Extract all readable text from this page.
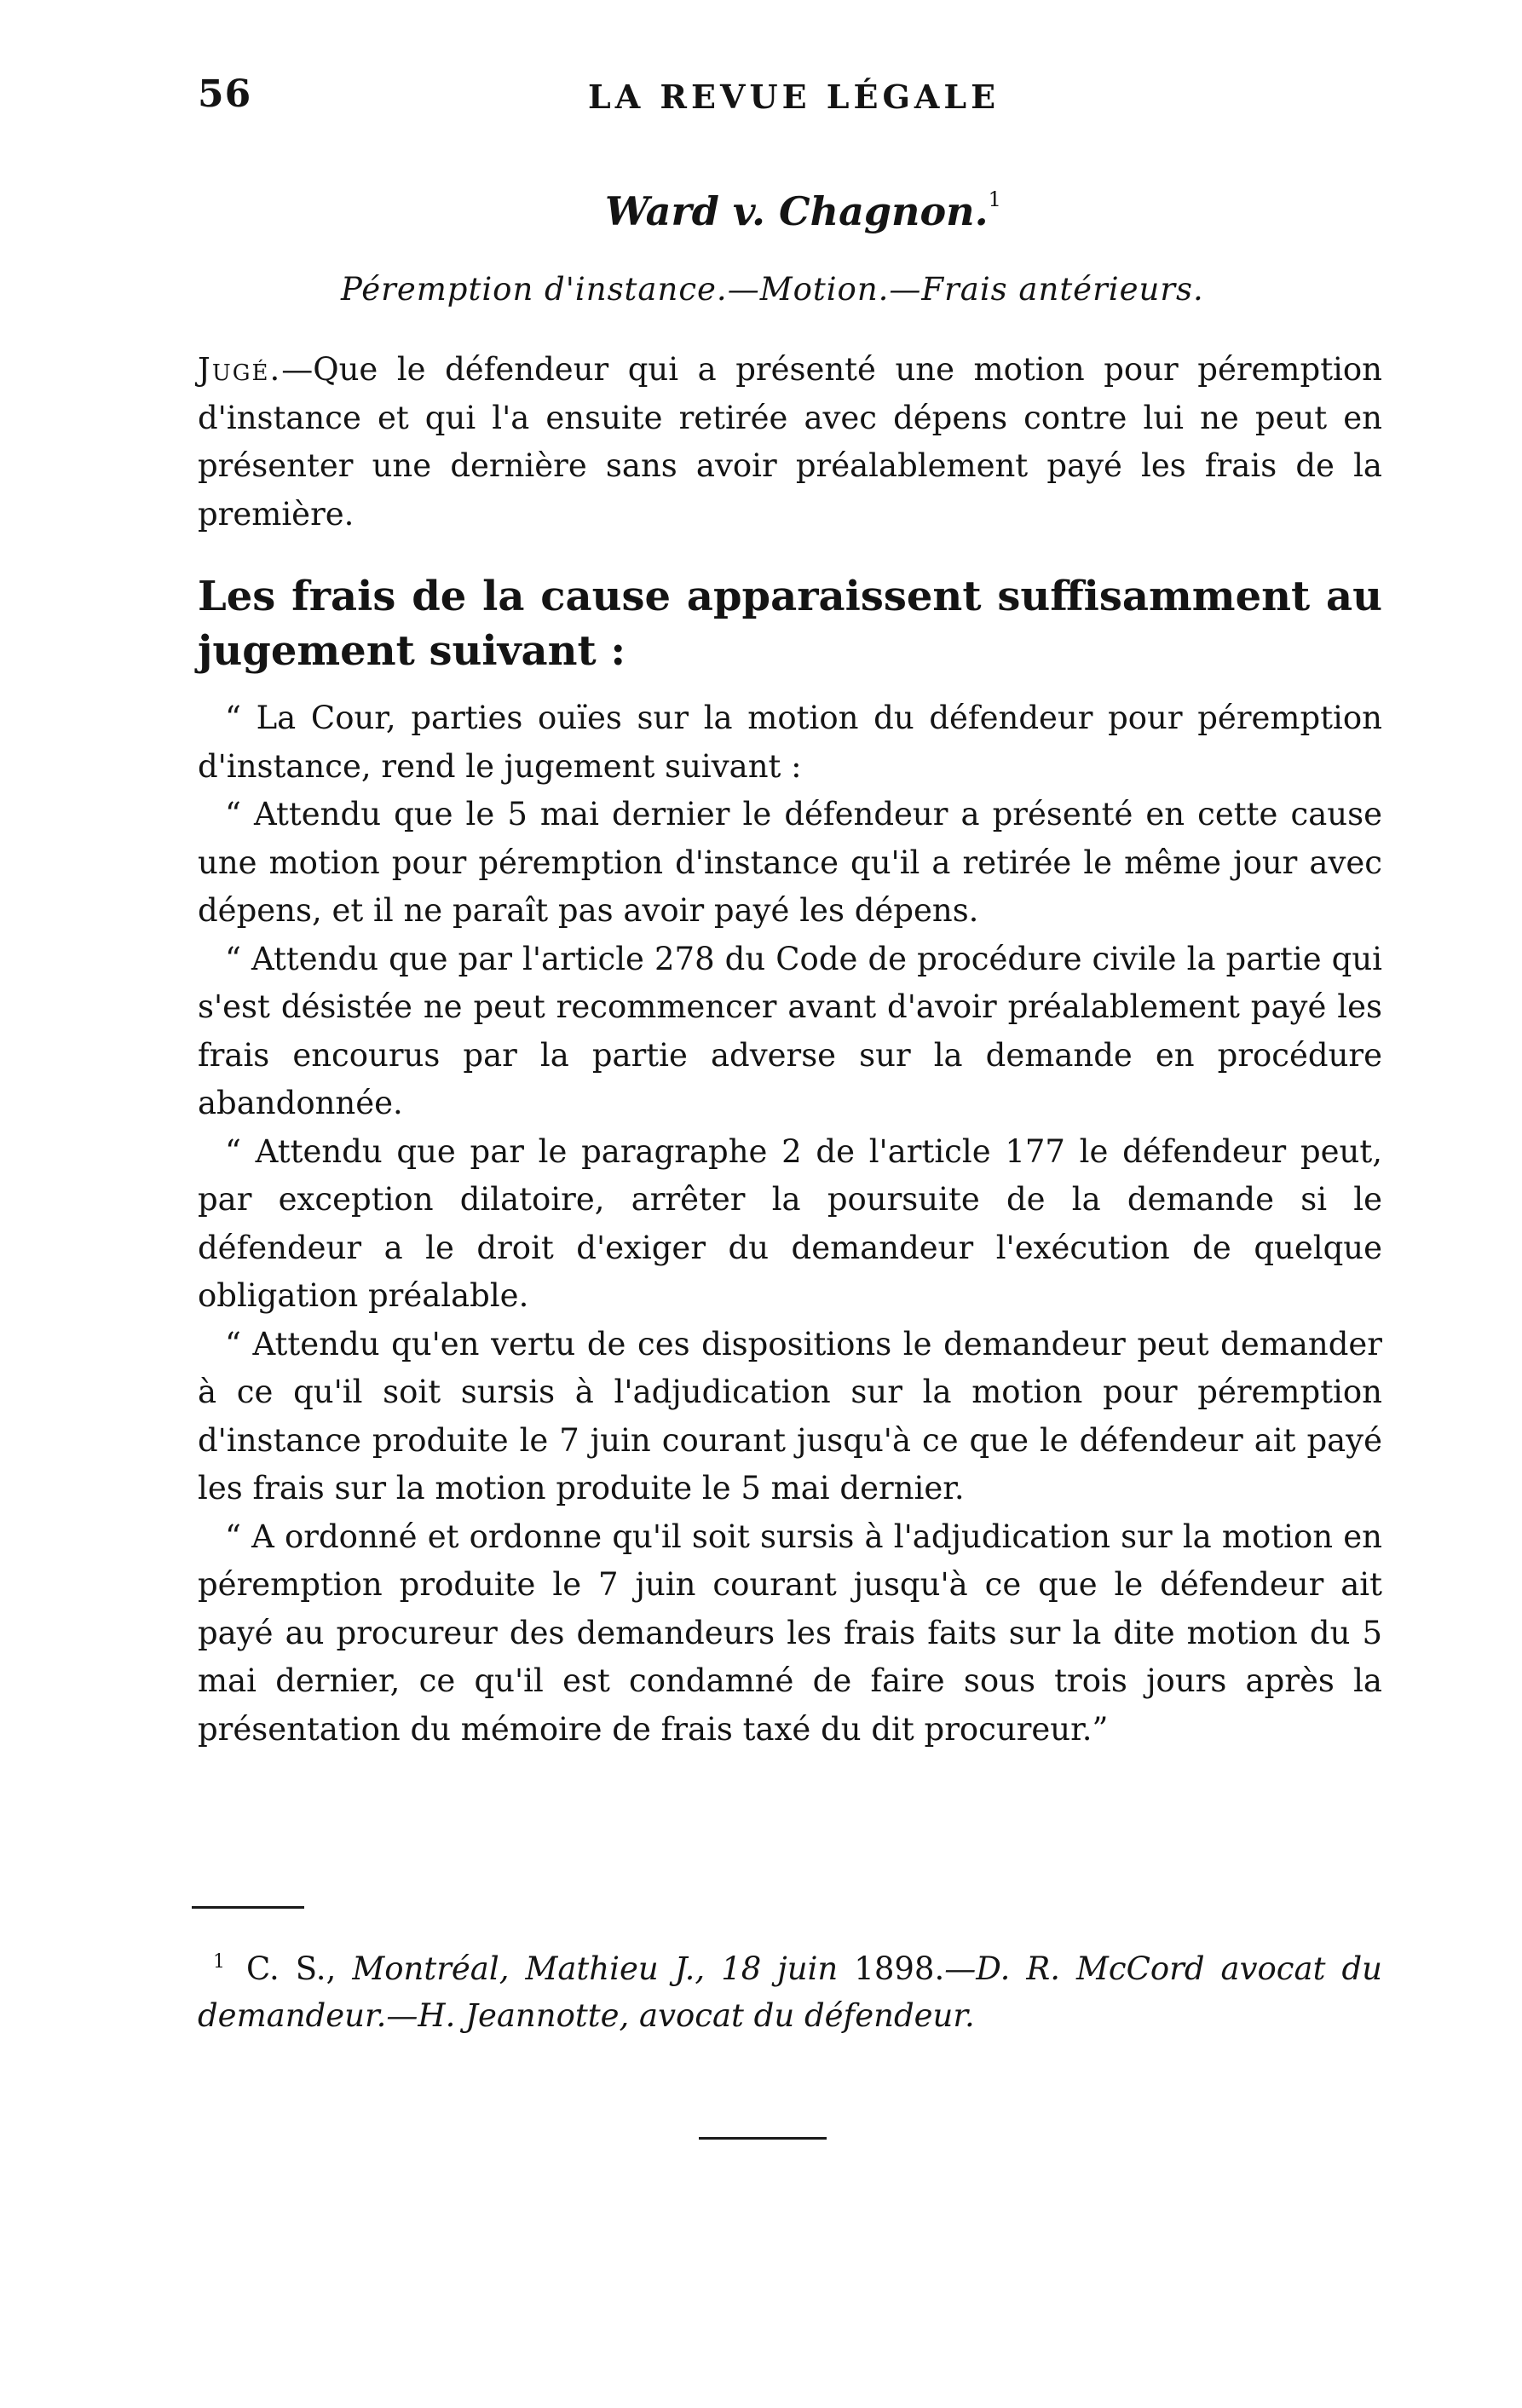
56	LA REVUE LÉGALE
Ward v. Chagnon.$^1$
Péremption d'instance.—Motion.—Frais antérieurs.

Jugé.—Que le défendeur qui a présenté une motion pour péremption d'instance et qui l'a ensuite retirée avec dépens contre lui ne peut en présenter une dernière sans avoir préalablement payé les frais de la première.

Les frais de la cause apparaissent suffisamment au jugement suivant :

“ La Cour, parties ouïes sur la motion du défendeur pour péremption d'instance, rend le jugement suivant :

“ Attendu que le 5 mai dernier le défendeur a présenté en cette cause une motion pour péremption d'instance qu'il a retirée le même jour avec dépens, et il ne paraît pas avoir payé les dépens.

“ Attendu que par l'article 278 du Code de procédure civile la partie qui s'est désistée ne peut recommencer avant d'avoir préalablement payé les frais encourus par la partie adverse sur la demande en procédure abandonnée.

“ Attendu que par le paragraphe 2 de l'article 177 le défendeur peut, par exception dilatoire, arrêter la poursuite de la demande si le défendeur a le droit d'exiger du demandeur l'exécution de quelque obligation préalable.

“ Attendu qu'en vertu de ces dispositions le demandeur peut demander à ce qu'il soit sursis à l'adjudication sur la motion pour péremption d'instance produite le 7 juin courant jusqu'à ce que le défendeur ait payé les frais sur la motion produite le 5 mai dernier.

“ A ordonné et ordonne qu'il soit sursis à l'adjudication sur la motion en péremption produite le 7 juin courant jusqu'à ce que le défendeur ait payé au procureur des demandeurs les frais faits sur la dite motion du 5 mai dernier, ce qu'il est condamné de faire sous trois jours après la présentation du mémoire de frais taxé du dit procureur.”

$^1$ C. S., Montréal, Mathieu J., 18 juin 1898.—D. R. McCord avocat du demandeur.—H. Jeannotte, avocat du défendeur.
